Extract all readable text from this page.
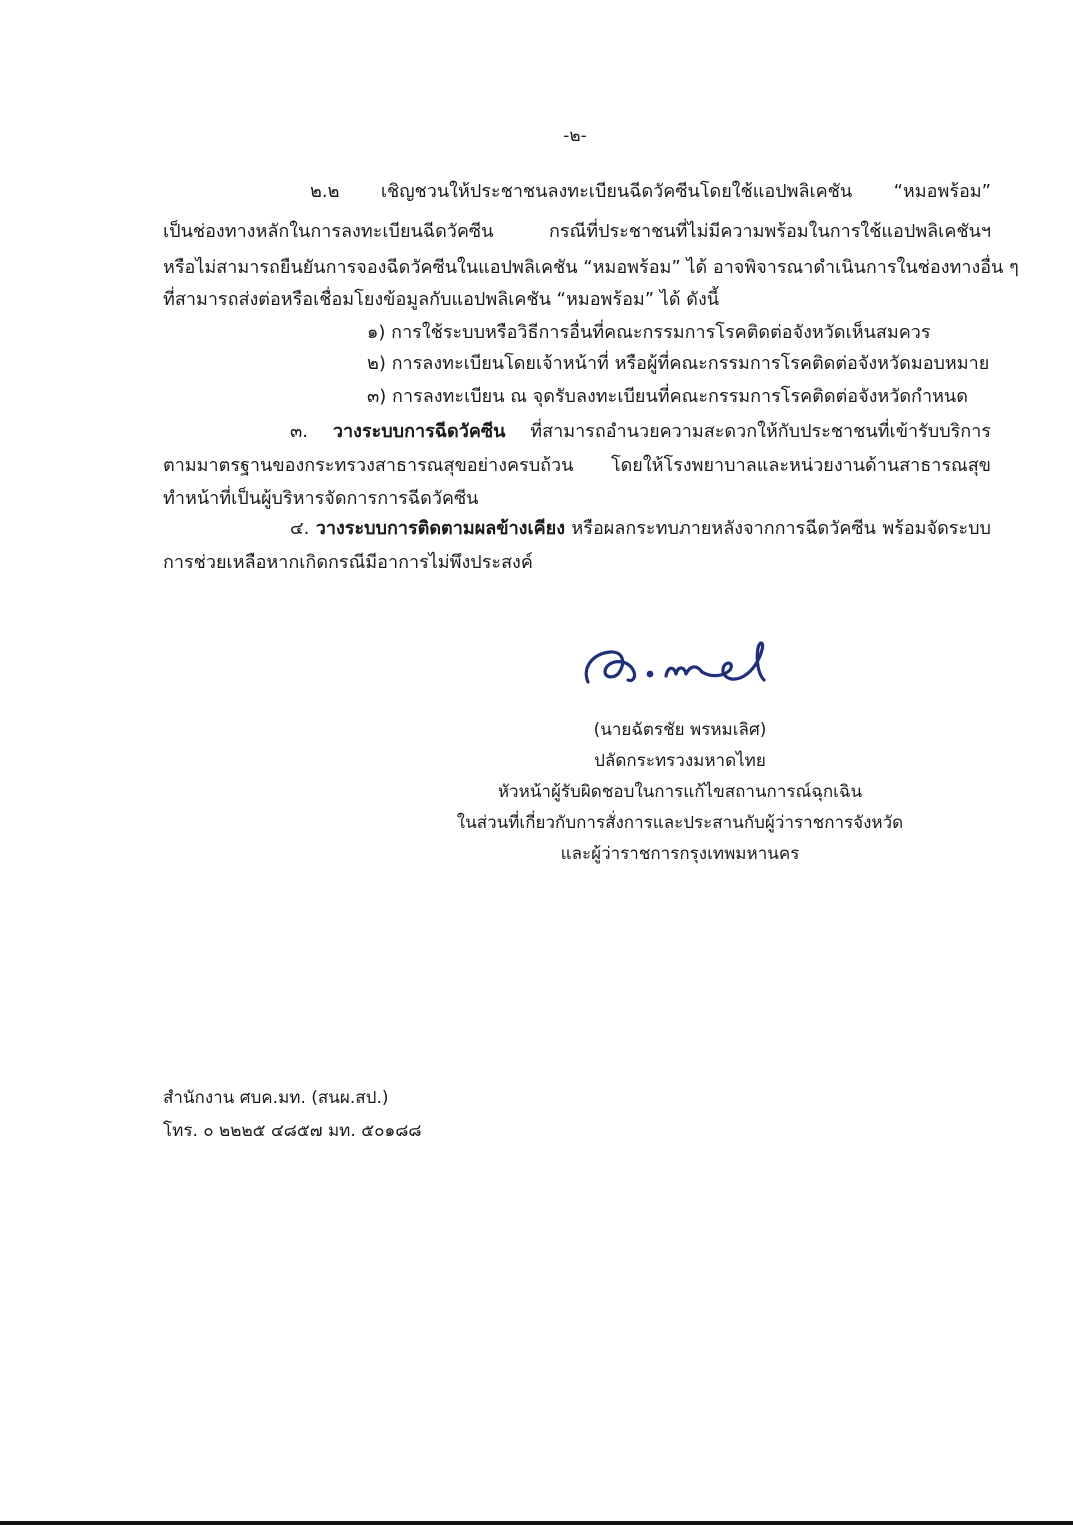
-๒-
๒.๒ เชิญชวนให้ประชาชนลงทะเบียนฉีดวัคซีนโดยใช้แอปพลิเคชัน “หมอพร้อม”
เป็นช่องทางหลักในการลงทะเบียนฉีดวัคซีน กรณีที่ประชาชนที่ไม่มีความพร้อมในการใช้แอปพลิเคชันฯ
หรือไม่สามารถยืนยันการจองฉีดวัคซีนในแอปพลิเคชัน “หมอพร้อม” ได้ อาจพิจารณาดำเนินการในช่องทางอื่น ๆ
ที่สามารถส่งต่อหรือเชื่อมโยงข้อมูลกับแอปพลิเคชัน “หมอพร้อม” ได้ ดังนี้
๑) การใช้ระบบหรือวิธีการอื่นที่คณะกรรมการโรคติดต่อจังหวัดเห็นสมควร
๒) การลงทะเบียนโดยเจ้าหน้าที่ หรือผู้ที่คณะกรรมการโรคติดต่อจังหวัดมอบหมาย
๓) การลงทะเบียน ณ จุดรับลงทะเบียนที่คณะกรรมการโรคติดต่อจังหวัดกำหนด
๓. วางระบบการฉีดวัคซีน ที่สามารถอำนวยความสะดวกให้กับประชาชนที่เข้ารับบริการ
ตามมาตรฐานของกระทรวงสาธารณสุขอย่างครบถ้วน โดยให้โรงพยาบาลและหน่วยงานด้านสาธารณสุข
ทำหน้าที่เป็นผู้บริหารจัดการการฉีดวัคซีน
๔. วางระบบการติดตามผลข้างเคียง หรือผลกระทบภายหลังจากการฉีดวัคซีน พร้อมจัดระบบ
การช่วยเหลือหากเกิดกรณีมีอาการไม่พึงประสงค์
(นายฉัตรชัย พรหมเลิศ)
ปลัดกระทรวงมหาดไทย
หัวหน้าผู้รับผิดชอบในการแก้ไขสถานการณ์ฉุกเฉิน
ในส่วนที่เกี่ยวกับการสั่งการและประสานกับผู้ว่าราชการจังหวัด
และผู้ว่าราชการกรุงเทพมหานคร
สำนักงาน ศบค.มท. (สนผ.สป.)
โทร. ๐ ๒๒๒๕ ๔๘๕๗ มท. ๕๐๑๘๘
